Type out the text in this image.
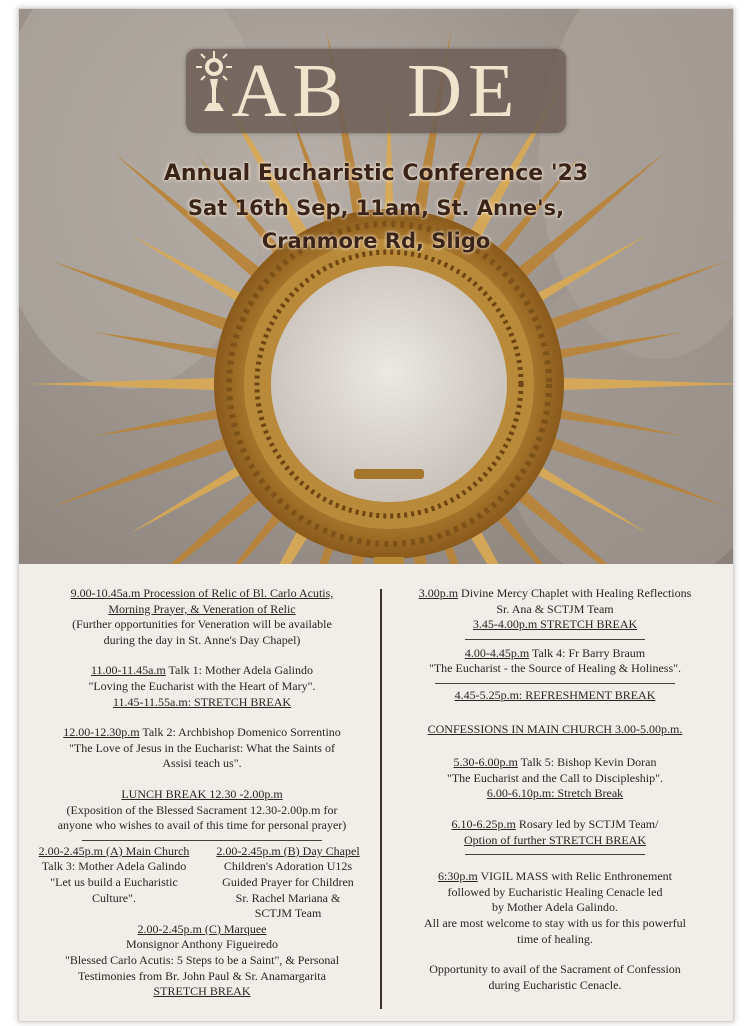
AB DE

Annual Eucharistic Conference '23

Sat 16th Sep, 11am, St. Anne's,

Cranmore Rd, Sligo

9.00-10.45a.m Procession of Relic of Bl. Carlo Acutis,

Morning Prayer, & Veneration of Relic

(Further opportunities for Veneration will be available

during the day in St. Anne's Day Chapel)

11.00-11.45a.m Talk 1: Mother Adela Galindo

"Loving the Eucharist with the Heart of Mary".

11.45-11.55a.m: STRETCH BREAK

12.00-12.30p.m Talk 2: Archbishop Domenico Sorrentino

"The Love of Jesus in the Eucharist: What the Saints of

Assisi teach us".

LUNCH BREAK 12.30 -2.00p.m

(Exposition of the Blessed Sacrament 12.30-2.00p.m for

anyone who wishes to avail of this time for personal prayer)

2.00-2.45p.m (A) Main Church

Talk 3: Mother Adela Galindo

"Let us build a Eucharistic

Culture".

2.00-2.45p.m (B) Day Chapel

Children's Adoration U12s

Guided Prayer for Children

Sr. Rachel Mariana &

SCTJM Team

2.00-2.45p.m (C) Marquee

Monsignor Anthony Figueiredo

"Blessed Carlo Acutis: 5 Steps to be a Saint", & Personal

Testimonies from Br. John Paul & Sr. Anamargarita

STRETCH BREAK

3.00p.m Divine Mercy Chaplet with Healing Reflections

Sr. Ana & SCTJM Team

3.45-4.00p.m STRETCH BREAK

4.00-4.45p.m Talk 4: Fr Barry Braum

"The Eucharist - the Source of Healing & Holiness".

4.45-5.25p.m: REFRESHMENT BREAK

CONFESSIONS IN MAIN CHURCH 3.00-5.00p.m.

5.30-6.00p.m Talk 5: Bishop Kevin Doran

"The Eucharist and the Call to Discipleship".

6.00-6.10p.m: Stretch Break

6.10-6.25p.m Rosary led by SCTJM Team/

Option of further STRETCH BREAK

6:30p.m VIGIL MASS with Relic Enthronement

followed by Eucharistic Healing Cenacle led

by Mother Adela Galindo.

All are most welcome to stay with us for this powerful

time of healing.

Opportunity to avail of the Sacrament of Confession

during Eucharistic Cenacle.
